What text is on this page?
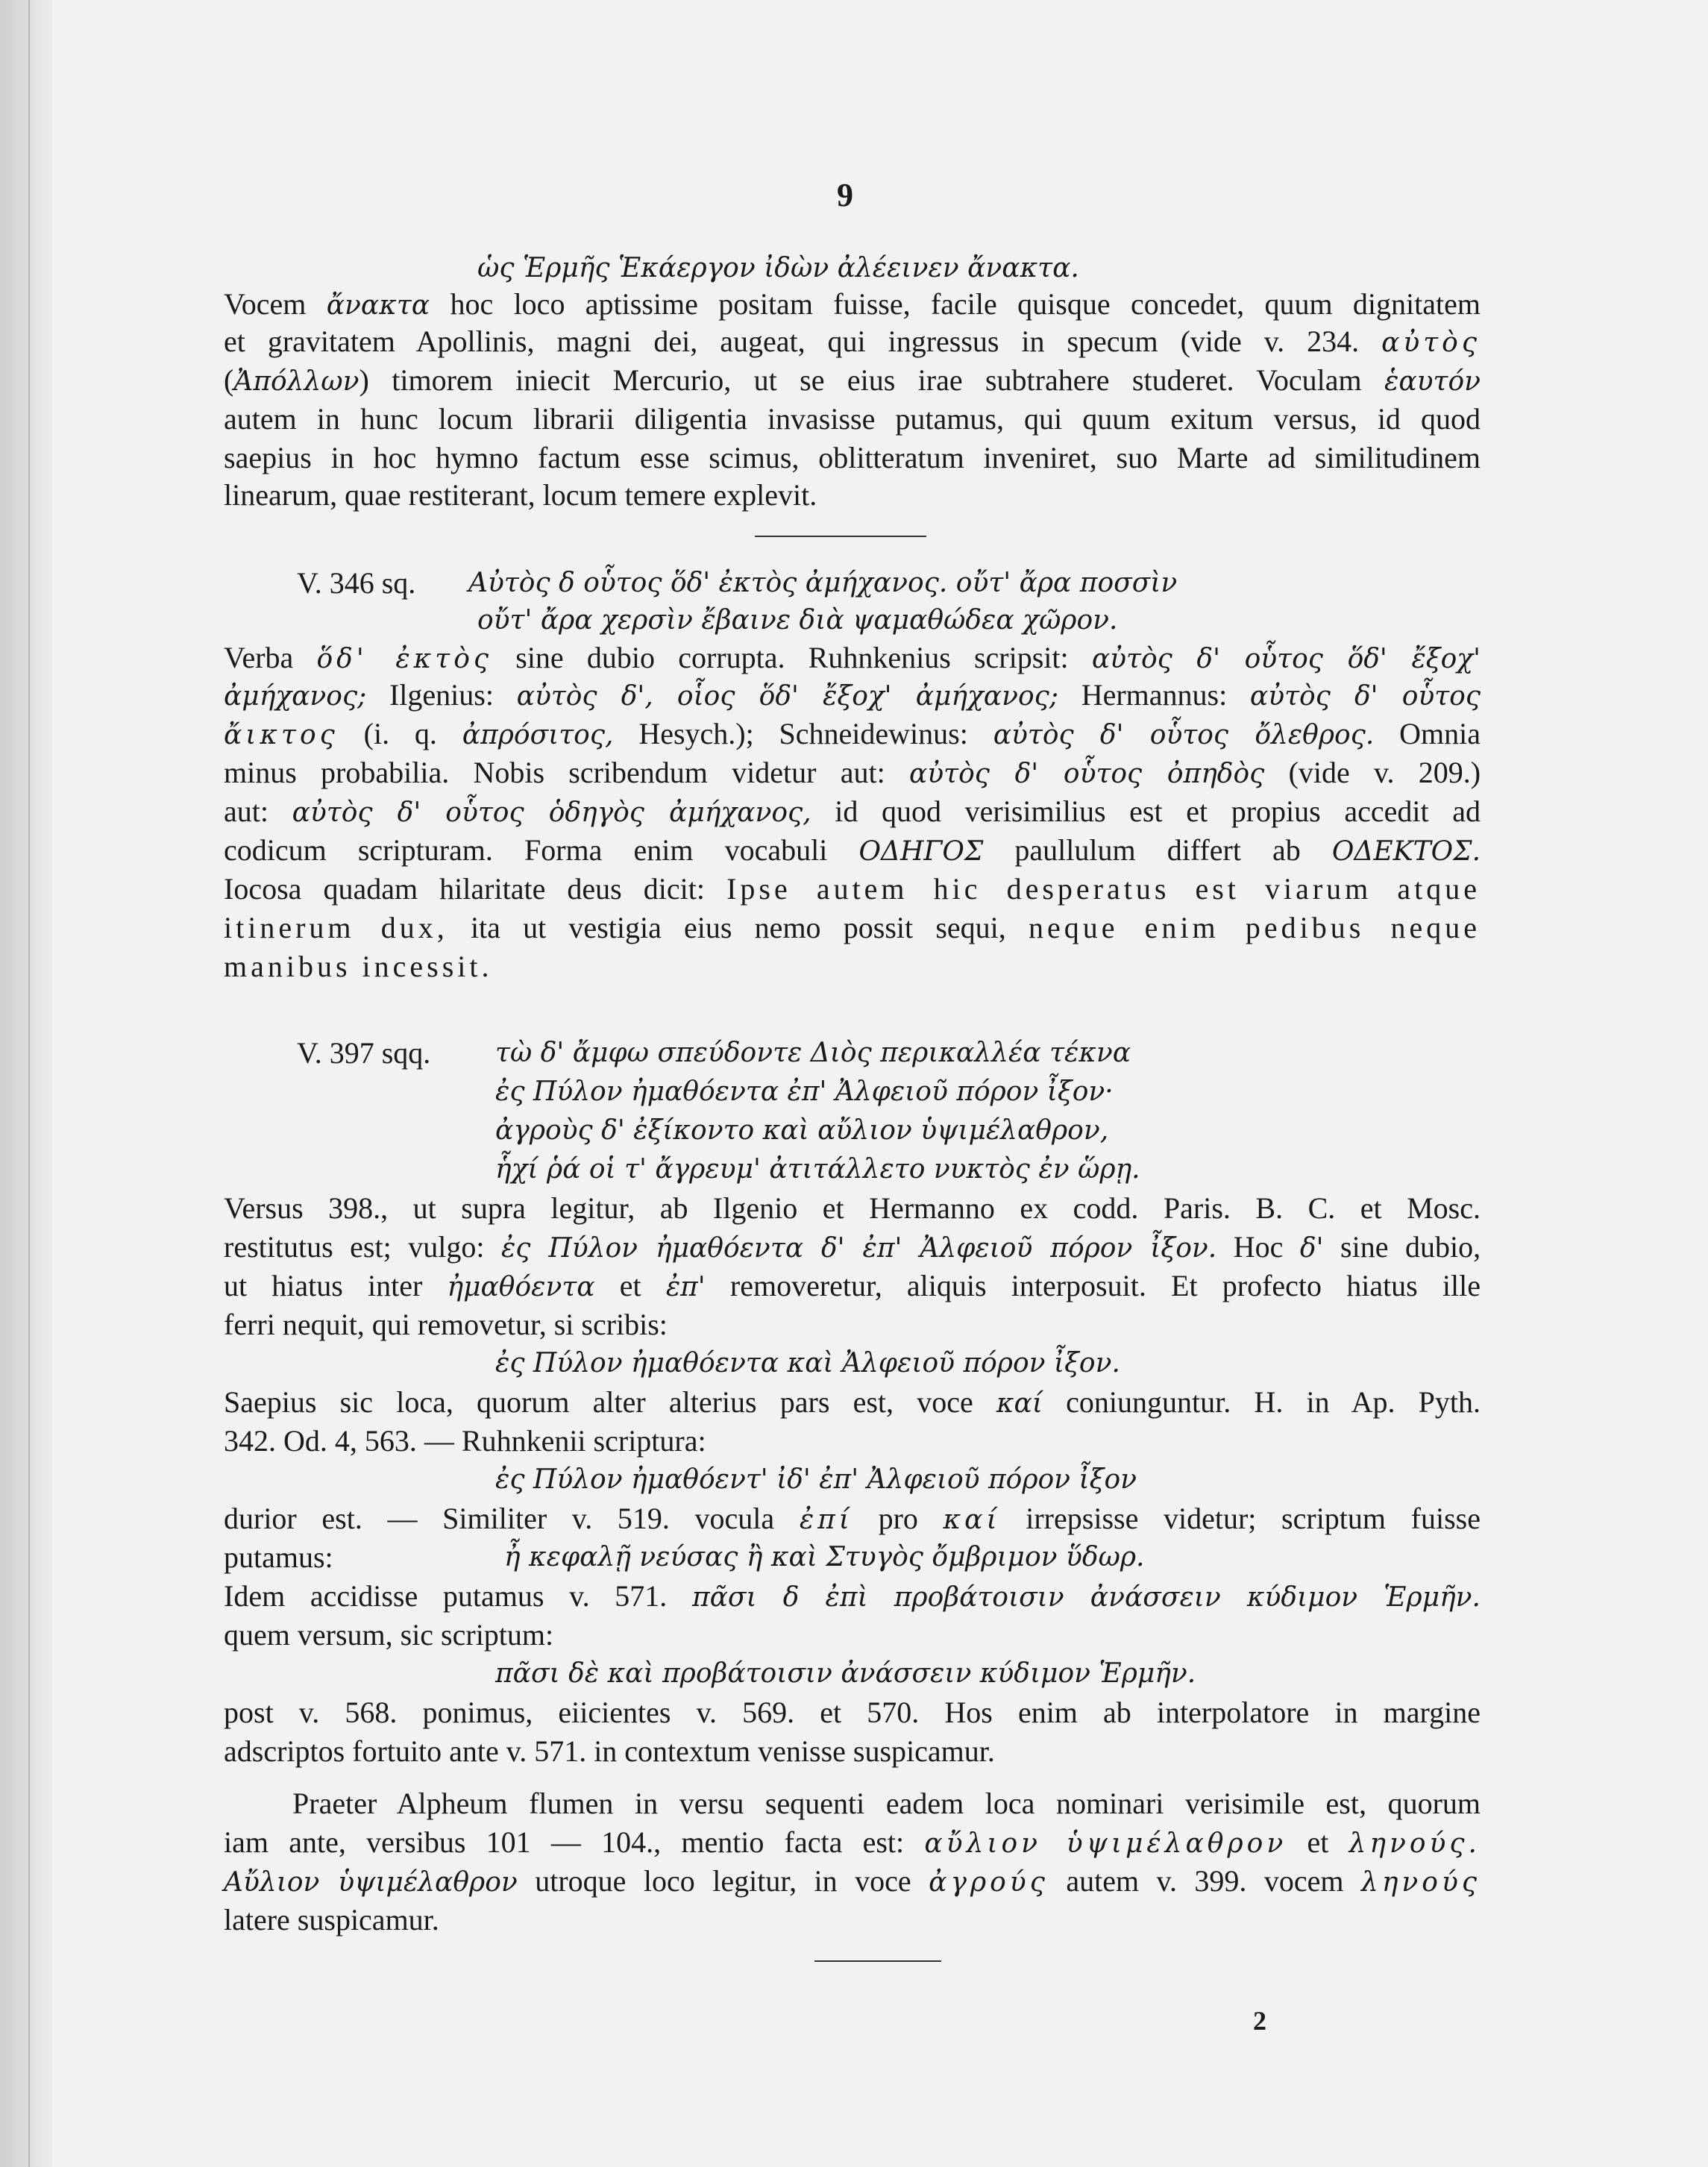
9
ὡς Ἑρμῆς Ἑκάεργον ἰδὼν ἀλέεινεν ἄνακτα.
Vocem ἄνακτα hoc loco aptissime positam fuisse, facile quisque concedet, quum dignitatem
et gravitatem Apollinis, magni dei, augeat, qui ingressus in specum (vide v. 234. αὐτὸς
(Ἀπόλλων) timorem iniecit Mercurio, ut se eius irae subtrahere studeret. Voculam ἑαυτόν
autem in hunc locum librarii diligentia invasisse putamus, qui quum exitum versus, id quod
saepius in hoc hymno factum esse scimus, oblitteratum inveniret, suo Marte ad similitudinem
linearum, quae restiterant, locum temere explevit.
V. 346 sq. Αὐτὸς δ οὗτος ὅδ' ἐκτὸς ἀμήχανος. οὔτ' ἄρα ποσσὶν
οὔτ' ἄρα χερσὶν ἔβαινε διὰ ψαμαθώδεα χῶρον.
Verba ὅδ' ἐκτὸς sine dubio corrupta. Ruhnkenius scripsit: αὐτὸς δ' οὗτος ὅδ' ἔξοχ'
ἀμήχανος; Ilgenius: αὐτὸς δ', οἷος ὅδ' ἔξοχ' ἀμήχανος; Hermannus: αὐτὸς δ' οὗτος
ἄικτος (i. q. ἀπρόσιτος, Hesych.); Schneidewinus: αὐτὸς δ' οὗτος ὄλεθρος. Omnia
minus probabilia. Nobis scribendum videtur aut: αὐτὸς δ' οὗτος ὀπηδὸς (vide v. 209.)
aut: αὐτὸς δ' οὗτος ὁδηγὸς ἀμήχανος, id quod verisimilius est et propius accedit ad
codicum scripturam. Forma enim vocabuli ΟΔΗΓΟΣ paullulum differt ab ΟΔΕΚΤΟΣ.
Iocosa quadam hilaritate deus dicit: Ipse autem hic desperatus est viarum atque
itinerum dux, ita ut vestigia eius nemo possit sequi, neque enim pedibus neque
manibus incessit.
V. 397 sqq. τὼ δ' ἄμφω σπεύδοντε Διὸς περικαλλέα τέκνα
ἐς Πύλον ἠμαθόεντα ἐπ' Ἀλφειοῦ πόρον ἶξον·
ἀγροὺς δ' ἐξίκοντο καὶ αὔλιον ὑψιμέλαθρον,
ἧχί ῥά οἱ τ' ἄγρευμ' ἀτιτάλλετο νυκτὸς ἐν ὥρῃ.
Versus 398., ut supra legitur, ab Ilgenio et Hermanno ex codd. Paris. B. C. et Mosc.
restitutus est; vulgo: ἐς Πύλον ἠμαθόεντα δ' ἐπ' Ἀλφειοῦ πόρον ἶξον. Hoc δ' sine dubio,
ut hiatus inter ἠμαθόεντα et ἐπ' removeretur, aliquis interposuit. Et profecto hiatus ille
ferri nequit, qui removetur, si scribis:
ἐς Πύλον ἠμαθόεντα καὶ Ἀλφειοῦ πόρον ἶξον.
Saepius sic loca, quorum alter alterius pars est, voce καί coniunguntur. H. in Ap. Pyth.
342. Od. 4, 563. — Ruhnkenii scriptura:
ἐς Πύλον ἠμαθόεντ' ἰδ' ἐπ' Ἀλφειοῦ πόρον ἶξον
durior est. — Similiter v. 519. vocula ἐπί pro καί irrepsisse videtur; scriptum fuisse
putamus:	ἦ κεφαλῇ νεύσας ἢ καὶ Στυγὸς ὄμβριμον ὕδωρ.
Idem accidisse putamus v. 571. πᾶσι δ ἐπὶ προβάτοισιν ἀνάσσειν κύδιμον Ἑρμῆν.
quem versum, sic scriptum:
πᾶσι δὲ καὶ προβάτοισιν ἀνάσσειν κύδιμον Ἑρμῆν.
post v. 568. ponimus, eiicientes v. 569. et 570. Hos enim ab interpolatore in margine
adscriptos fortuito ante v. 571. in contextum venisse suspicamur.
Praeter Alpheum flumen in versu sequenti eadem loca nominari verisimile est, quorum
iam ante, versibus 101 — 104., mentio facta est: αὔλιον ὑψιμέλαθρον et ληνούς.
Αὔλιον ὑψιμέλαθρον utroque loco legitur, in voce ἀγρούς autem v. 399. vocem ληνούς
latere suspicamur.
2
